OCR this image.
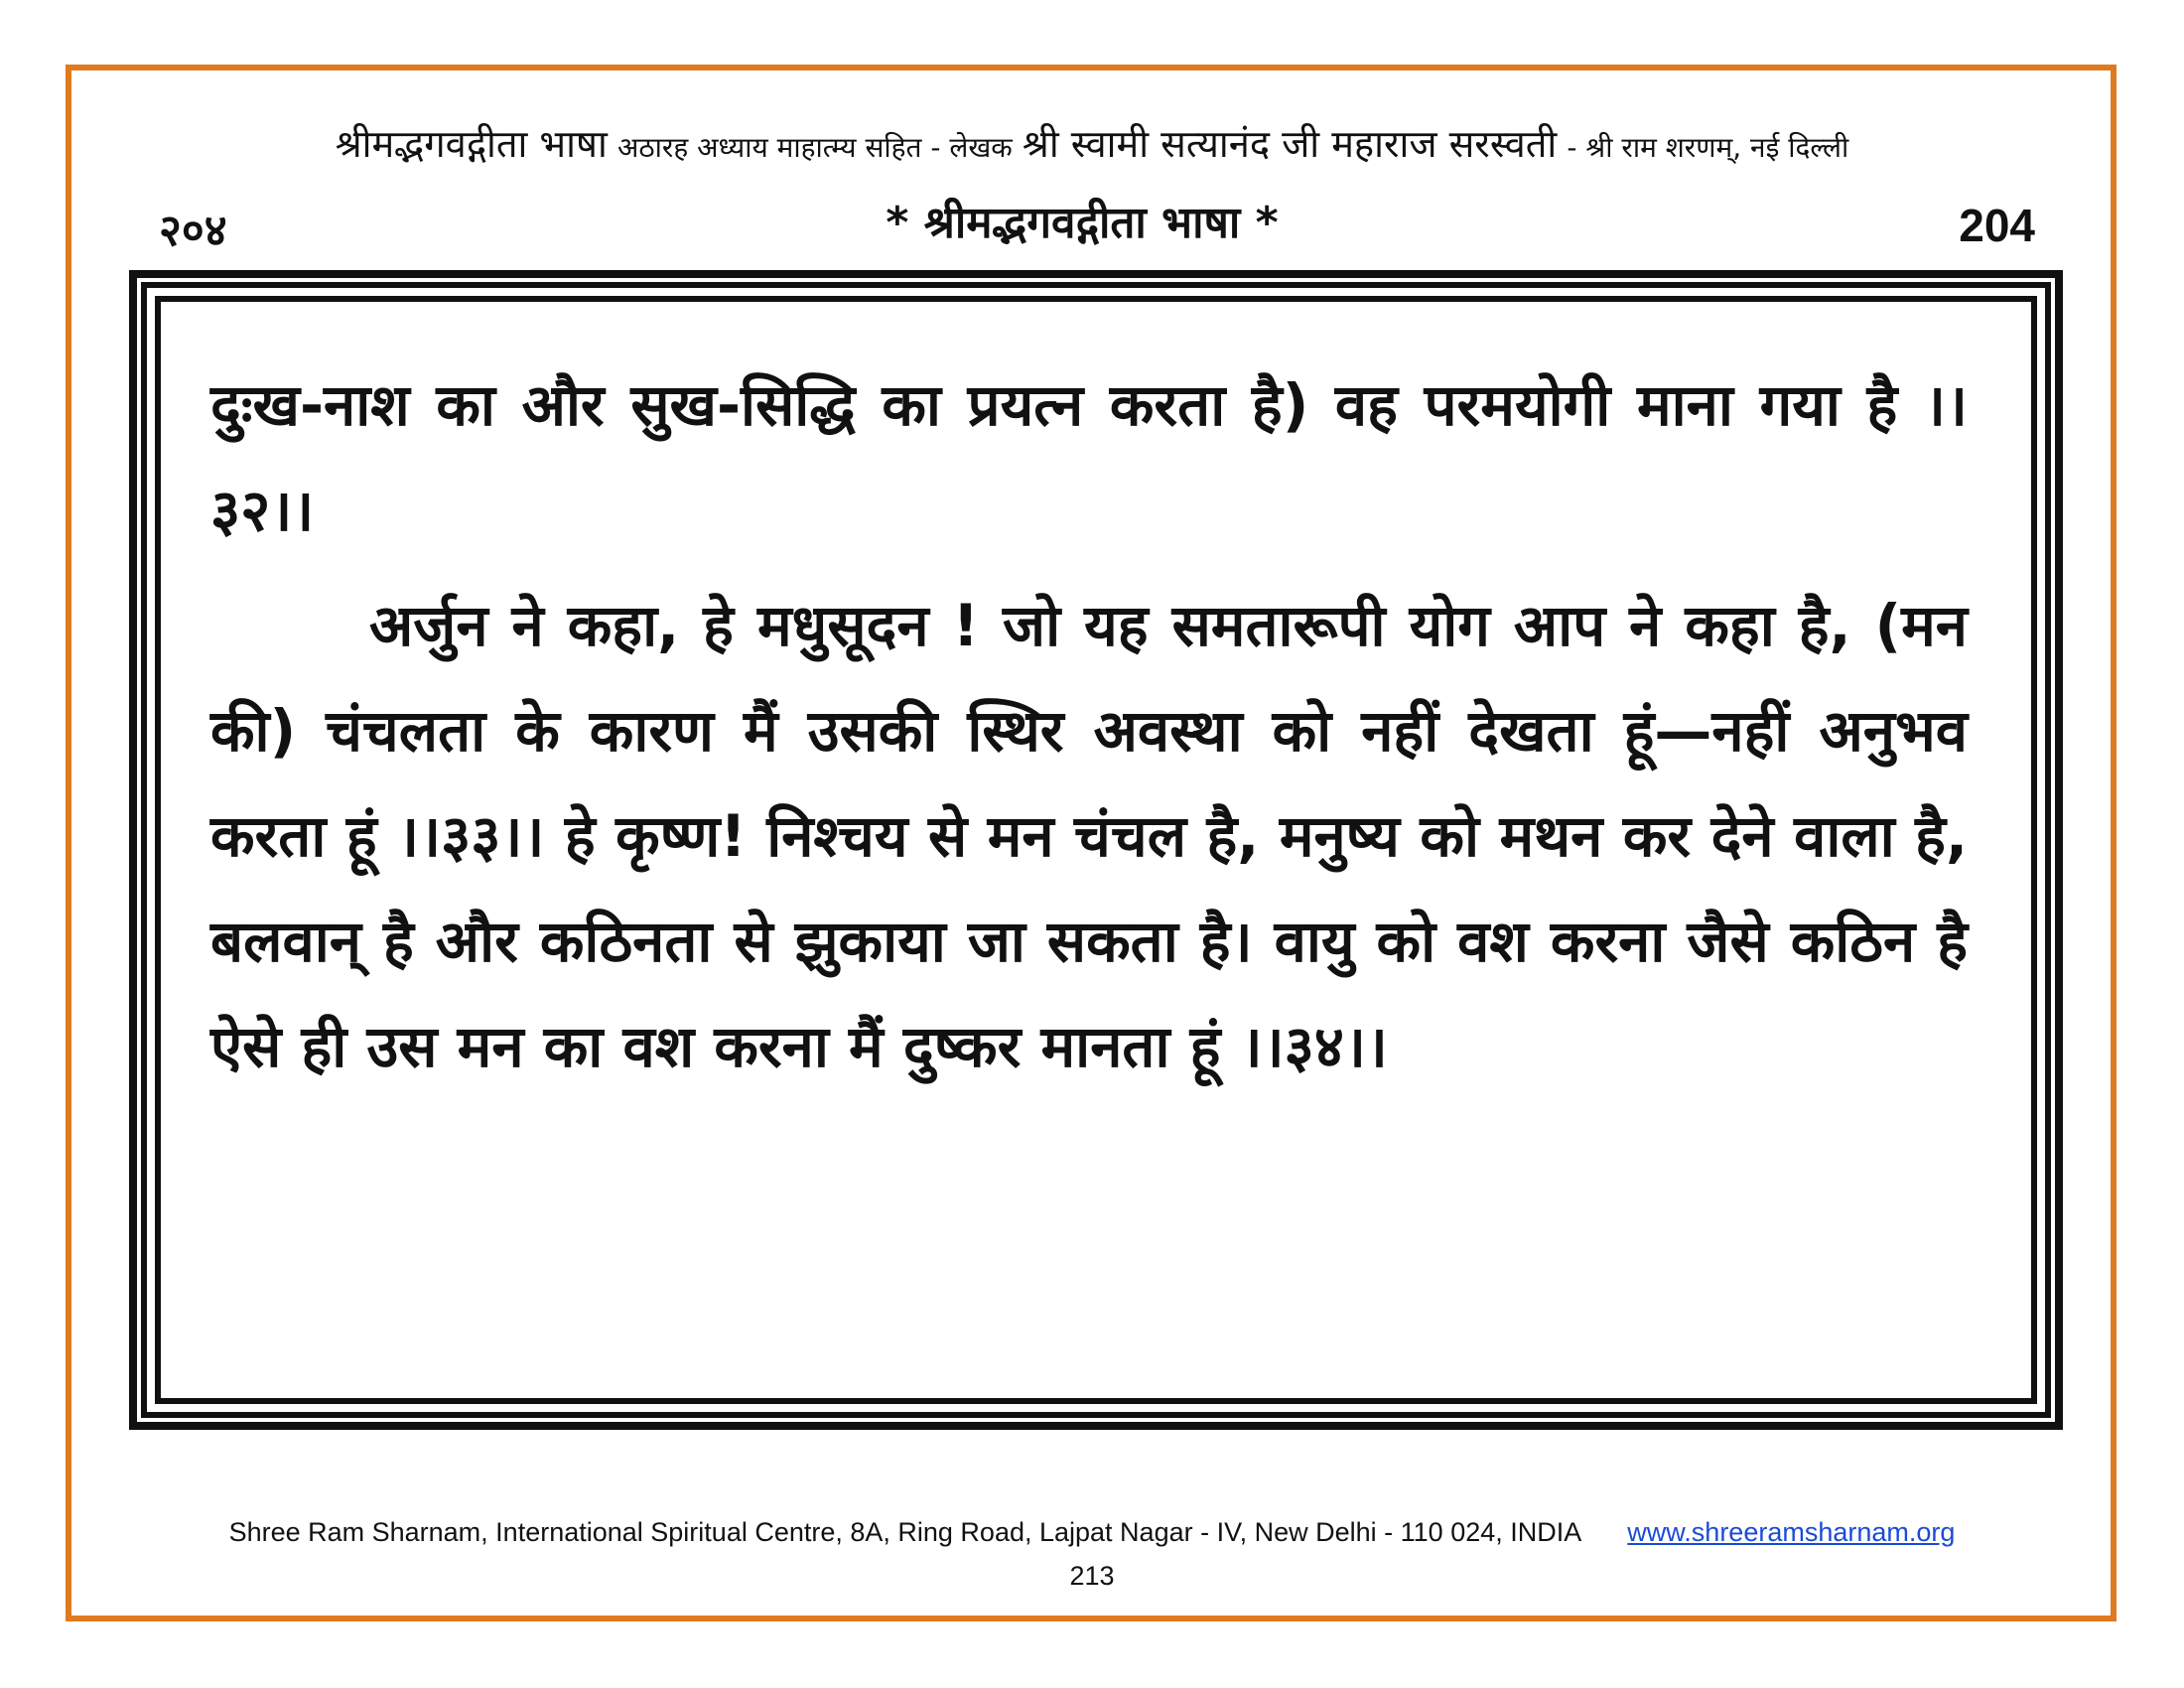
श्रीमद्भगवद्गीता भाषा अठारह अध्याय माहात्म्य सहित - लेखक श्री स्वामी सत्यानंद जी महाराज सरस्वती - श्री राम शरणम्, नई दिल्ली
२०४	* श्रीमद्भगवद्गीता भाषा *	204

दुःख-नाश का और सुख-सिद्धि का प्रयत्न करता है) वह परमयोगी माना गया है ।।३२।।

अर्जुन ने कहा, हे मधुसूदन ! जो यह समतारूपी योग आप ने कहा है, (मन की) चंचलता के कारण मैं उसकी स्थिर अवस्था को नहीं देखता हूं—नहीं अनुभव करता हूं ।।३३।। हे कृष्ण! निश्चय से मन चंचल है, मनुष्य को मथन कर देने वाला है, बलवान् है और कठिनता से झुकाया जा सकता है। वायु को वश करना जैसे कठिन है ऐसे ही उस मन का वश करना मैं दुष्कर मानता हूं ।।३४।।

Shree Ram Sharnam, International Spiritual Centre, 8A, Ring Road, Lajpat Nagar - IV, New Delhi - 110 024, INDIA www.shreeramsharnam.org
213
